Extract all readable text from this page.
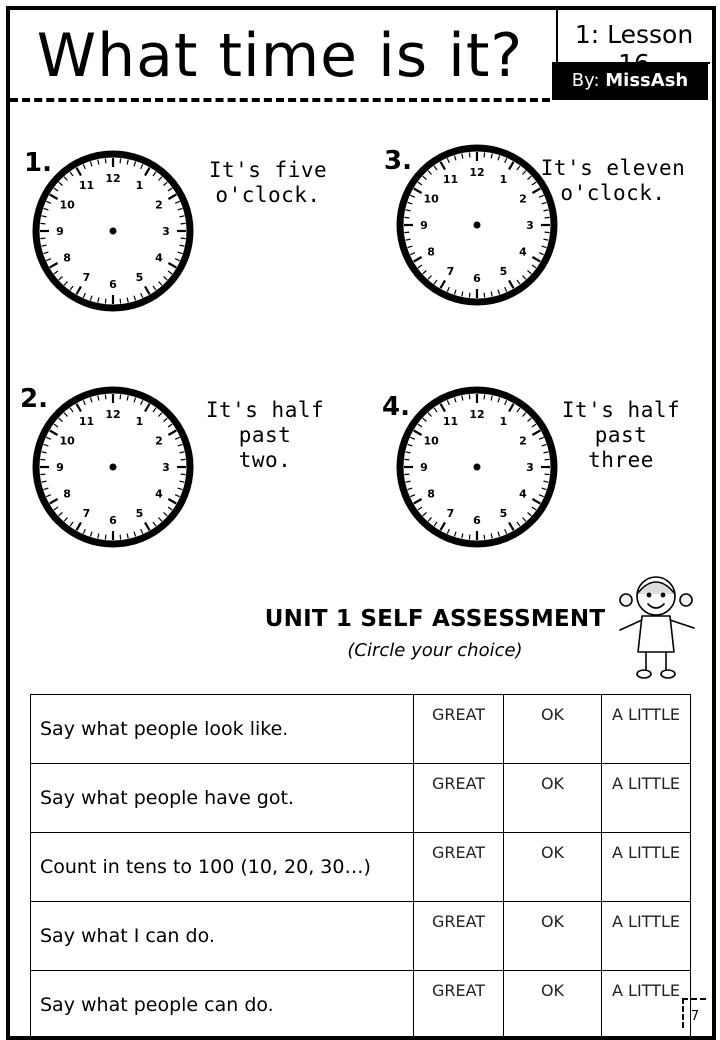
What time is it?	1: Lesson
By: MissAsh
1.
12
1
2
3
4
5
6
7
8
9
10
11
It's five o'clock.
3.	12
1
2
3
4
5
6
7
8
9
10
11	It's eleven
o'clock.
2.
12
1
2
3
4
5
6
7
8
9
10
11	It's half past
two.
4.	12
1
2
3
4
5
6
7
8
9
10
11	It's half past
three
UNIT 1 SELF ASSESSMENT
(Circle your choice)
Say what people look like.	GREAT	OK	A LITTLE
Say what people have got.	GREAT	OK	A LITTLE
Count in tens to 100 (10, 20, 30…)	GREAT	OK	A LITTLE
Say what I can do.	GREAT	OK	A LITTLE
Say what people can do.	GREAT	OK	A LITTLE
7
